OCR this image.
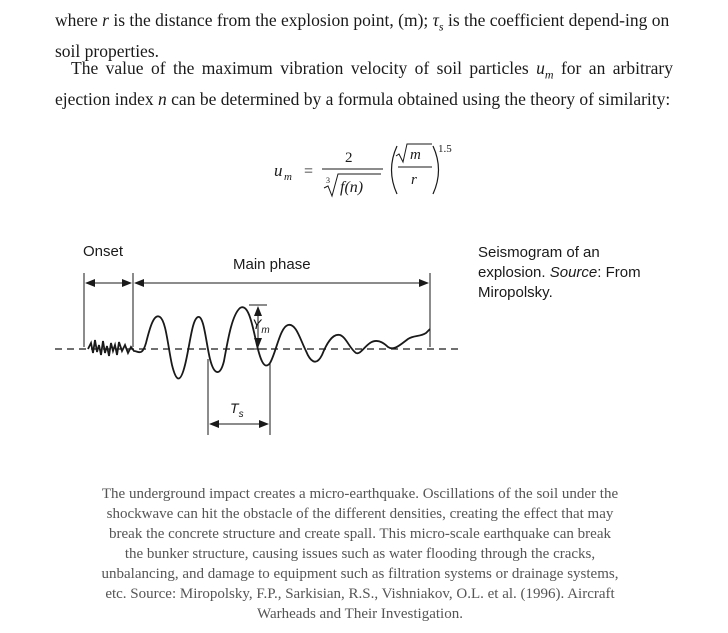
where r is the distance from the explosion point, (m); $\tau_s$ is the coefficient depend-ing on soil properties.

The value of the maximum vibration velocity of soil particles $u_m$ for an arbitrary ejection index n can be determined by a formula obtained using the theory of similarity:

u m =
2
3 f(n)
m
r
1.5
Onset
Main phase
$Y_m$
$T_s$
Seismogram of an explosion. Source: From Miropolsky.

The underground impact creates a micro-earthquake. Oscillations of the soil under the shockwave can hit the obstacle of the different densities, creating the effect that may break the concrete structure and create spall. This micro-scale earthquake can break the bunker structure, causing issues such as water flooding through the cracks, unbalancing, and damage to equipment such as filtration systems or drainage systems, etc. Source: Miropolsky, F.P., Sarkisian, R.S., Vishniakov, O.L. et al. (1996). Aircraft Warheads and Their Investigation.
